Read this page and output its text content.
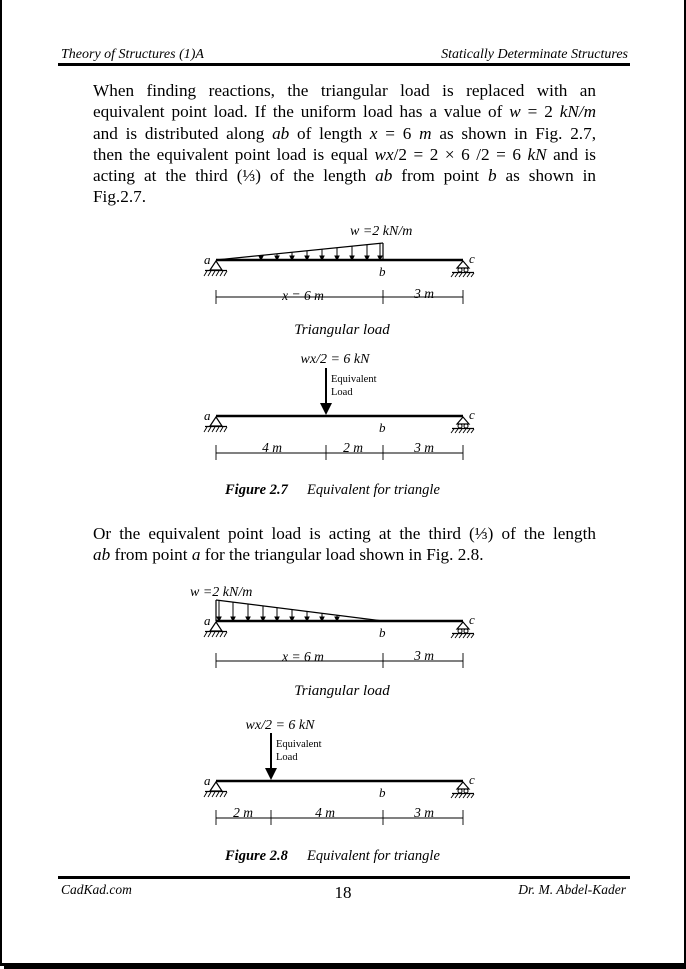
Theory of Structures (1)A	Statically Determinate Structures
When finding reactions, the triangular load is replaced with an
equivalent point load. If the uniform load has a value of w = 2 kN/m
and is distributed along ab of length x = 6 m as shown in Fig. 2.7,
then the equivalent point load is equal wx/2 = 2 × 6 /2 = 6 kN and is
acting at the third (⅓) of the length ab from point b as shown in
Fig.2.7.
Or the equivalent point load is acting at the third (⅓) of the length
ab from point a for the triangular load shown in Fig. 2.8.
w =2 kN/m
a
b
c
x = 6 m	3 m
Triangular load
wx/2 = 6 kN
Equivalent
Load
a
b
c
4 m	2 m	3 m
Figure 2.7 Equivalent for triangle
w =2 kN/m
a
b
c
x = 6 m	3 m
Triangular load
wx/2 = 6 kN
Equivalent
Load
a
b
c
2 m	4 m	3 m
Figure 2.8 Equivalent for triangle
CadKad.com	18	Dr. M. Abdel-Kader
